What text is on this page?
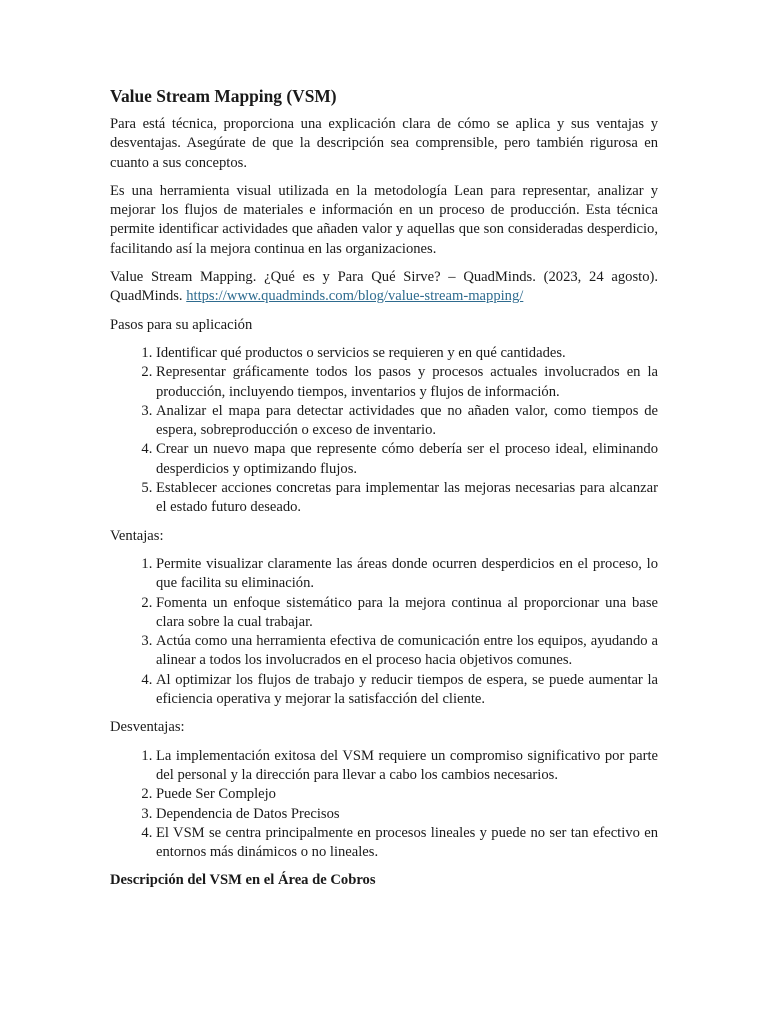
Value Stream Mapping (VSM)

Para está técnica, proporciona una explicación clara de cómo se aplica y sus ventajas y desventajas. Asegúrate de que la descripción sea comprensible, pero también rigurosa en cuanto a sus conceptos.

Es una herramienta visual utilizada en la metodología Lean para representar, analizar y mejorar los flujos de materiales e información en un proceso de producción. Esta técnica permite identificar actividades que añaden valor y aquellas que son consideradas desperdicio, facilitando así la mejora continua en las organizaciones.

Value Stream Mapping. ¿Qué es y Para Qué Sirve? – QuadMinds. (2023, 24 agosto). QuadMinds. https://www.quadminds.com/blog/value-stream-mapping/

Pasos para su aplicación

1. Identificar qué productos o servicios se requieren y en qué cantidades.
2. Representar gráficamente todos los pasos y procesos actuales involucrados en la producción, incluyendo tiempos, inventarios y flujos de información.
3. Analizar el mapa para detectar actividades que no añaden valor, como tiempos de espera, sobreproducción o exceso de inventario.
4. Crear un nuevo mapa que represente cómo debería ser el proceso ideal, eliminando desperdicios y optimizando flujos.
5. Establecer acciones concretas para implementar las mejoras necesarias para alcanzar el estado futuro deseado.

Ventajas:

1. Permite visualizar claramente las áreas donde ocurren desperdicios en el proceso, lo que facilita su eliminación.
2. Fomenta un enfoque sistemático para la mejora continua al proporcionar una base clara sobre la cual trabajar.
3. Actúa como una herramienta efectiva de comunicación entre los equipos, ayudando a alinear a todos los involucrados en el proceso hacia objetivos comunes.
4. Al optimizar los flujos de trabajo y reducir tiempos de espera, se puede aumentar la eficiencia operativa y mejorar la satisfacción del cliente.

Desventajas:

1. La implementación exitosa del VSM requiere un compromiso significativo por parte del personal y la dirección para llevar a cabo los cambios necesarios.
2. Puede Ser Complejo
3. Dependencia de Datos Precisos
4. El VSM se centra principalmente en procesos lineales y puede no ser tan efectivo en entornos más dinámicos o no lineales.

Descripción del VSM en el Área de Cobros
